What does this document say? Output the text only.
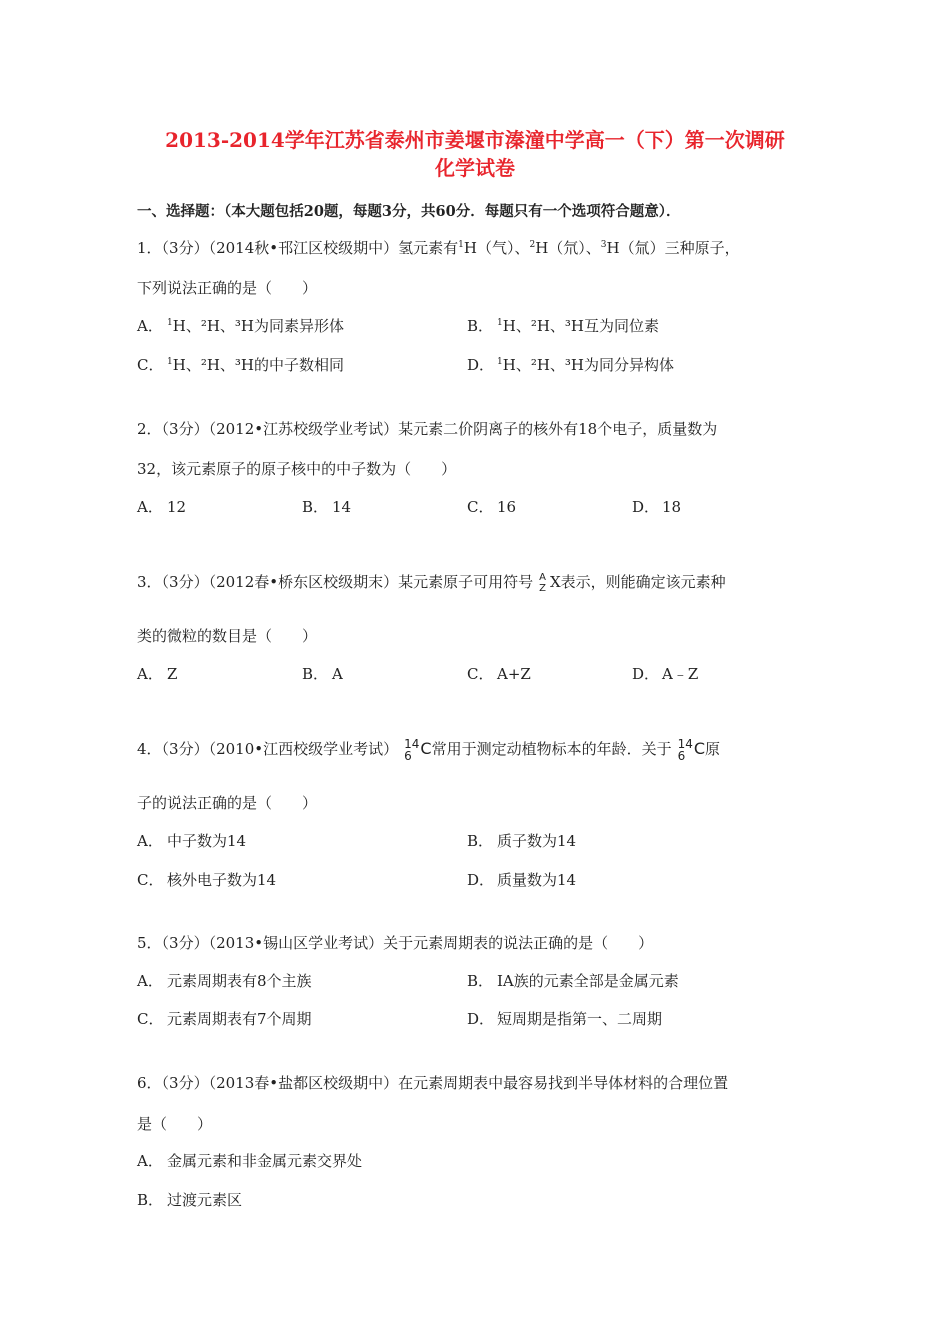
2013-2014学年江苏省泰州市姜堰市溱潼中学高一（下）第一次调研
化学试卷
一、选择题：（本大题包括20题，每题3分，共60分．每题只有一个选项符合题意）．
1．（3分）（2014秋•邗江区校级期中）氢元素有$^1$H（气）、$^2$H（氘）、$^3$H（氚）三种原子，
下列说法正确的是（　　）
A． $^1$H、²H、³H为同素异形体	B． $^1$H、²H、³H互为同位素
C． $^1$H、²H、³H的中子数相同	D． $^1$H、²H、³H为同分异构体
2．（3分）（2012•江苏校级学业考试）某元素二价阴离子的核外有18个电子，质量数为
32，该元素原子的原子核中的中子数为（　　）
A． 12	B． 14	C． 16	D． 18
3．（3分）（2012春•桥东区校级期末）某元素原子可用符号 A
Z X表示，则能确定该元素种
类的微粒的数目是（　　）
A． Z	B． A	C． A+Z	D． A﹣Z
4．（3分）（2010•江西校级学业考试） 14
6 C常用于测定动植物标本的年龄．关于 14
6 C原
子的说法正确的是（　　）
A． 中子数为14	B． 质子数为14
C． 核外电子数为14	D． 质量数为14
5．（3分）（2013•锡山区学业考试）关于元素周期表的说法正确的是（　　）
A． 元素周期表有8个主族	B． ⅠA族的元素全部是金属元素
C． 元素周期表有7个周期	D． 短周期是指第一、二周期
6．（3分）（2013春•盐都区校级期中）在元素周期表中最容易找到半导体材料的合理位置
是（　　）
A． 金属元素和非金属元素交界处
B． 过渡元素区
